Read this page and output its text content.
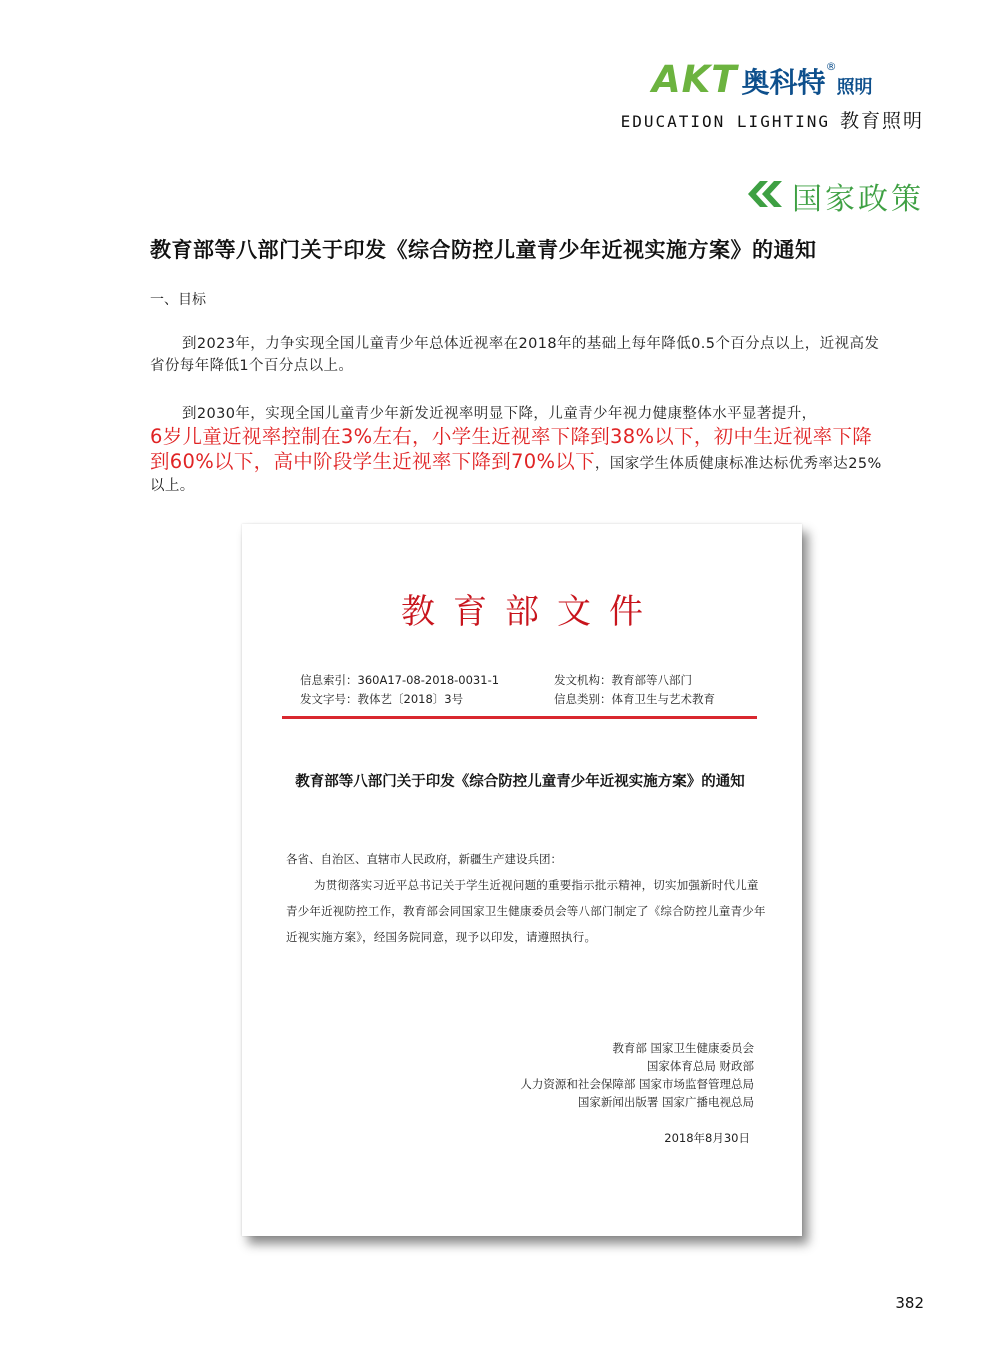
AKT 奥科特®照明
EDUCATION LIGHTING 教育照明
国家政策
教育部等八部门关于印发《综合防控儿童青少年近视实施方案》的通知
一、目标
到2023年，力争实现全国儿童青少年总体近视率在2018年的基础上每年降低0.5个百分点以上，近视高发省份每年降低1个百分点以上。
到2030年，实现全国儿童青少年新发近视率明显下降，儿童青少年视力健康整体水平显著提升，
6岁儿童近视率控制在3%左右，小学生近视率下降到38%以下，初中生近视率下降到60%以下，高中阶段学生近视率下降到70%以下，国家学生体质健康标准达标优秀率达25%以上。
教育部文件
信息索引：360A17-08-2018-0031-1
发文字号：教体艺〔2018〕3号
发文机构：教育部等八部门
信息类别：体育卫生与艺术教育
教育部等八部门关于印发《综合防控儿童青少年近视实施方案》的通知
各省、自治区、直辖市人民政府，新疆生产建设兵团：
为贯彻落实习近平总书记关于学生近视问题的重要指示批示精神，切实加强新时代儿童青少年近视防控工作，教育部会同国家卫生健康委员会等八部门制定了《综合防控儿童青少年近视实施方案》，经国务院同意，现予以印发，请遵照执行。
教育部 国家卫生健康委员会
国家体育总局 财政部
人力资源和社会保障部 国家市场监督管理总局
国家新闻出版署 国家广播电视总局
2018年8月30日
382
